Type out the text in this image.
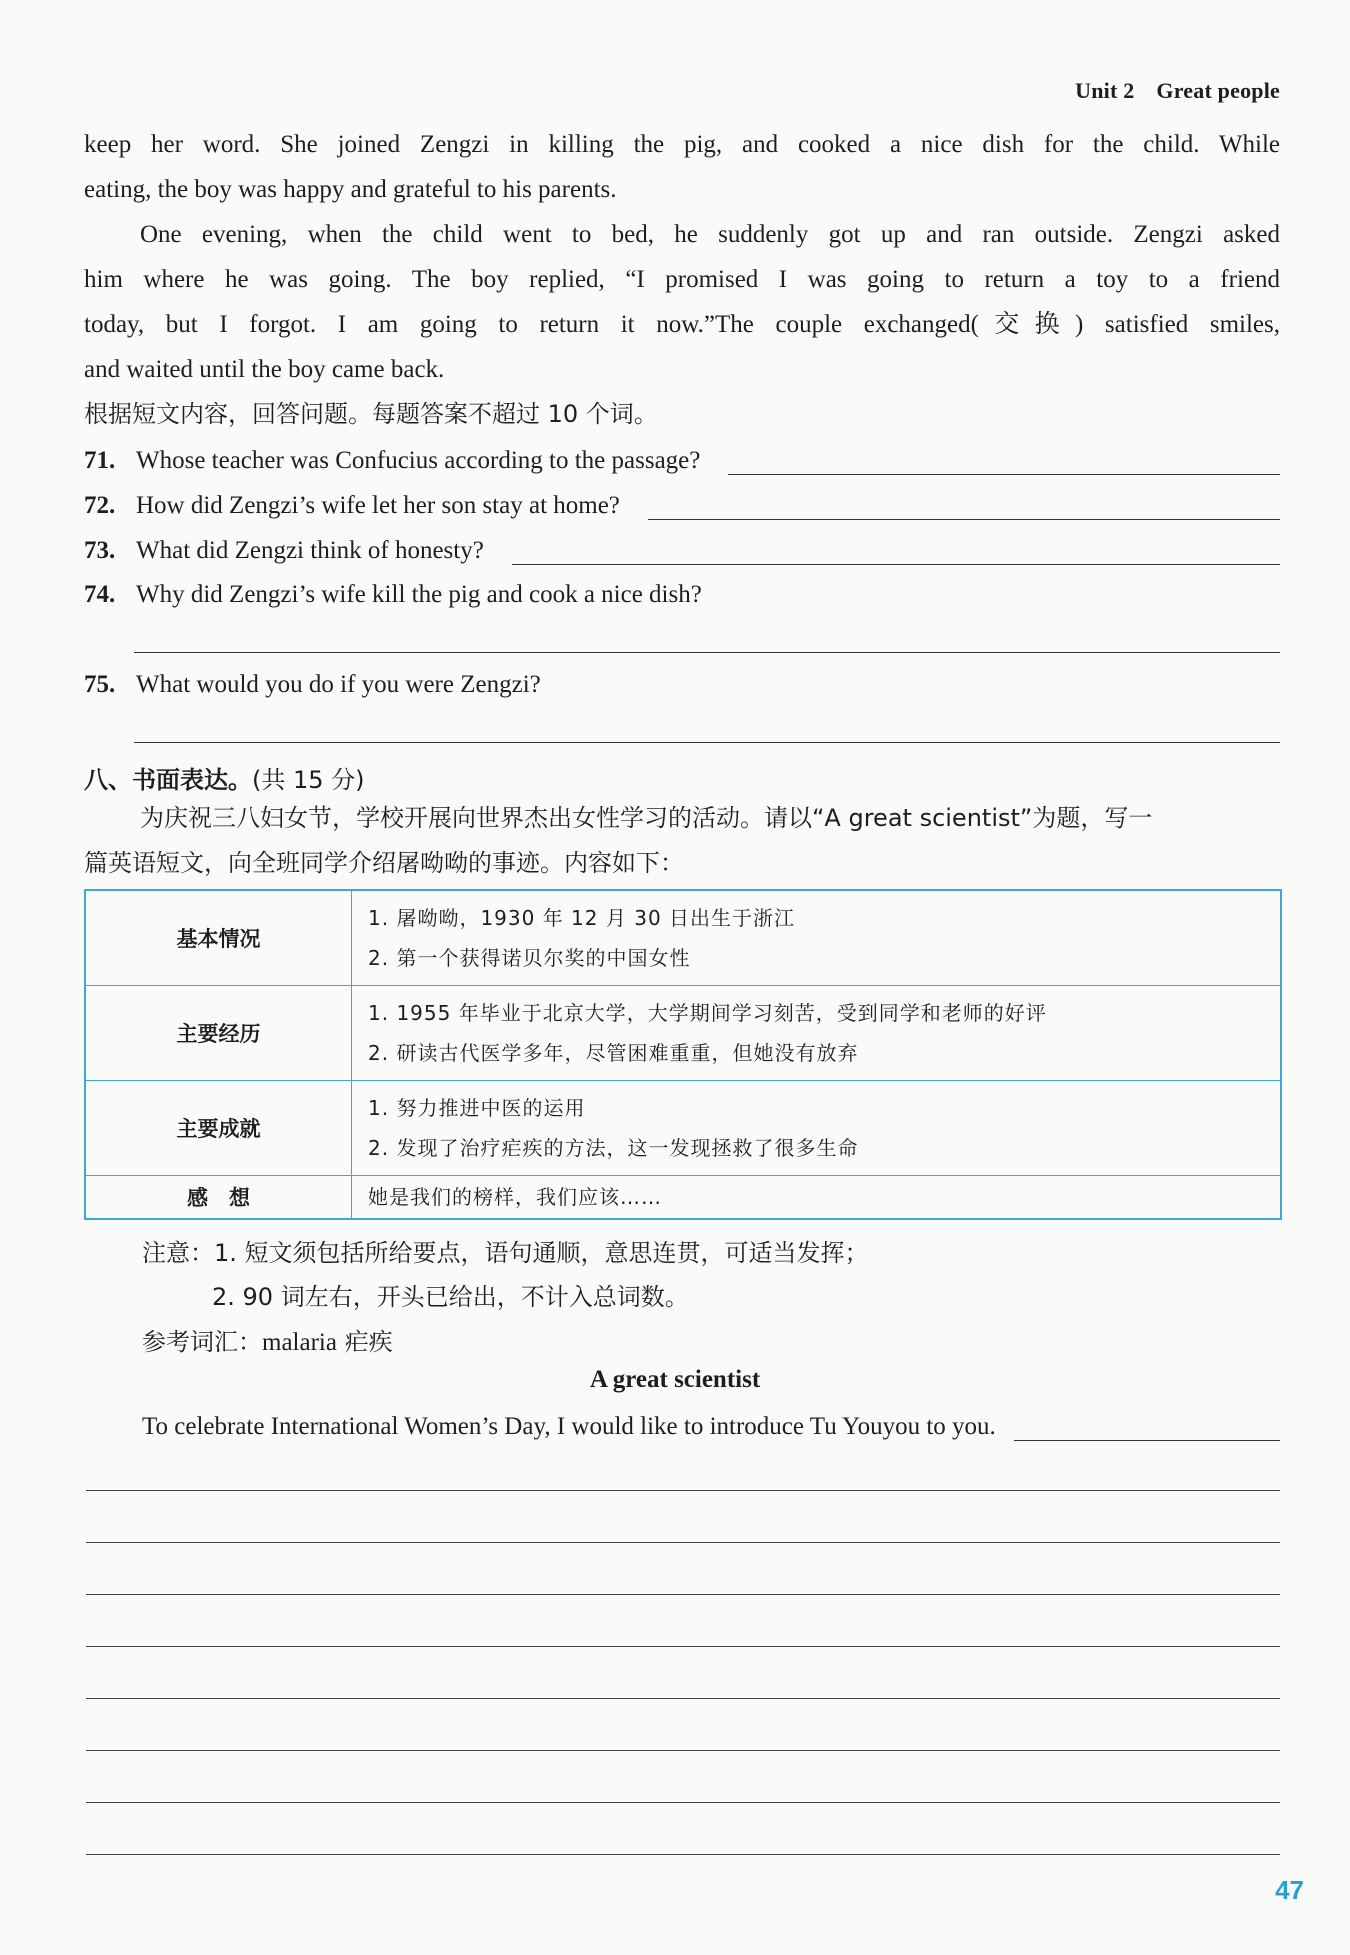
Unit 2 Great people
keep her word. She joined Zengzi in killing the pig, and cooked a nice dish for the child. While
eating, the boy was happy and grateful to his parents.
One evening, when the child went to bed, he suddenly got up and ran outside. Zengzi asked
him where he was going. The boy replied, “I promised I was going to return a toy to a friend
today, but I forgot. I am going to return it now.”The couple exchanged(交换) satisfied smiles,
and waited until the boy came back.
根据短文内容，回答问题。每题答案不超过 10 个词。
71. Whose teacher was Confucius according to the passage?
72. How did Zengzi’s wife let her son stay at home?
73. What did Zengzi think of honesty?
74. Why did Zengzi’s wife kill the pig and cook a nice dish?
75. What would you do if you were Zengzi?
八、书面表达。(共 15 分)
为庆祝三八妇女节，学校开展向世界杰出女性学习的活动。请以“A great scientist”为题，写一
篇英语短文，向全班同学介绍屠呦呦的事迹。内容如下：
基本情况	1. 屠呦呦，1930 年 12 月 30 日出生于浙江
2. 第一个获得诺贝尔奖的中国女性

主要经历	1. 1955 年毕业于北京大学，大学期间学习刻苦，受到同学和老师的好评
2. 研读古代医学多年，尽管困难重重，但她没有放弃

主要成就	1. 努力推进中医的运用
2. 发现了治疗疟疾的方法，这一发现拯救了很多生命

感　想	她是我们的榜样，我们应该……
注意：1. 短文须包括所给要点，语句通顺，意思连贯，可适当发挥；
2. 90 词左右，开头已给出，不计入总词数。
参考词汇：malaria 疟疾
A great scientist
To celebrate International Women’s Day, I would like to introduce Tu Youyou to you.
47
